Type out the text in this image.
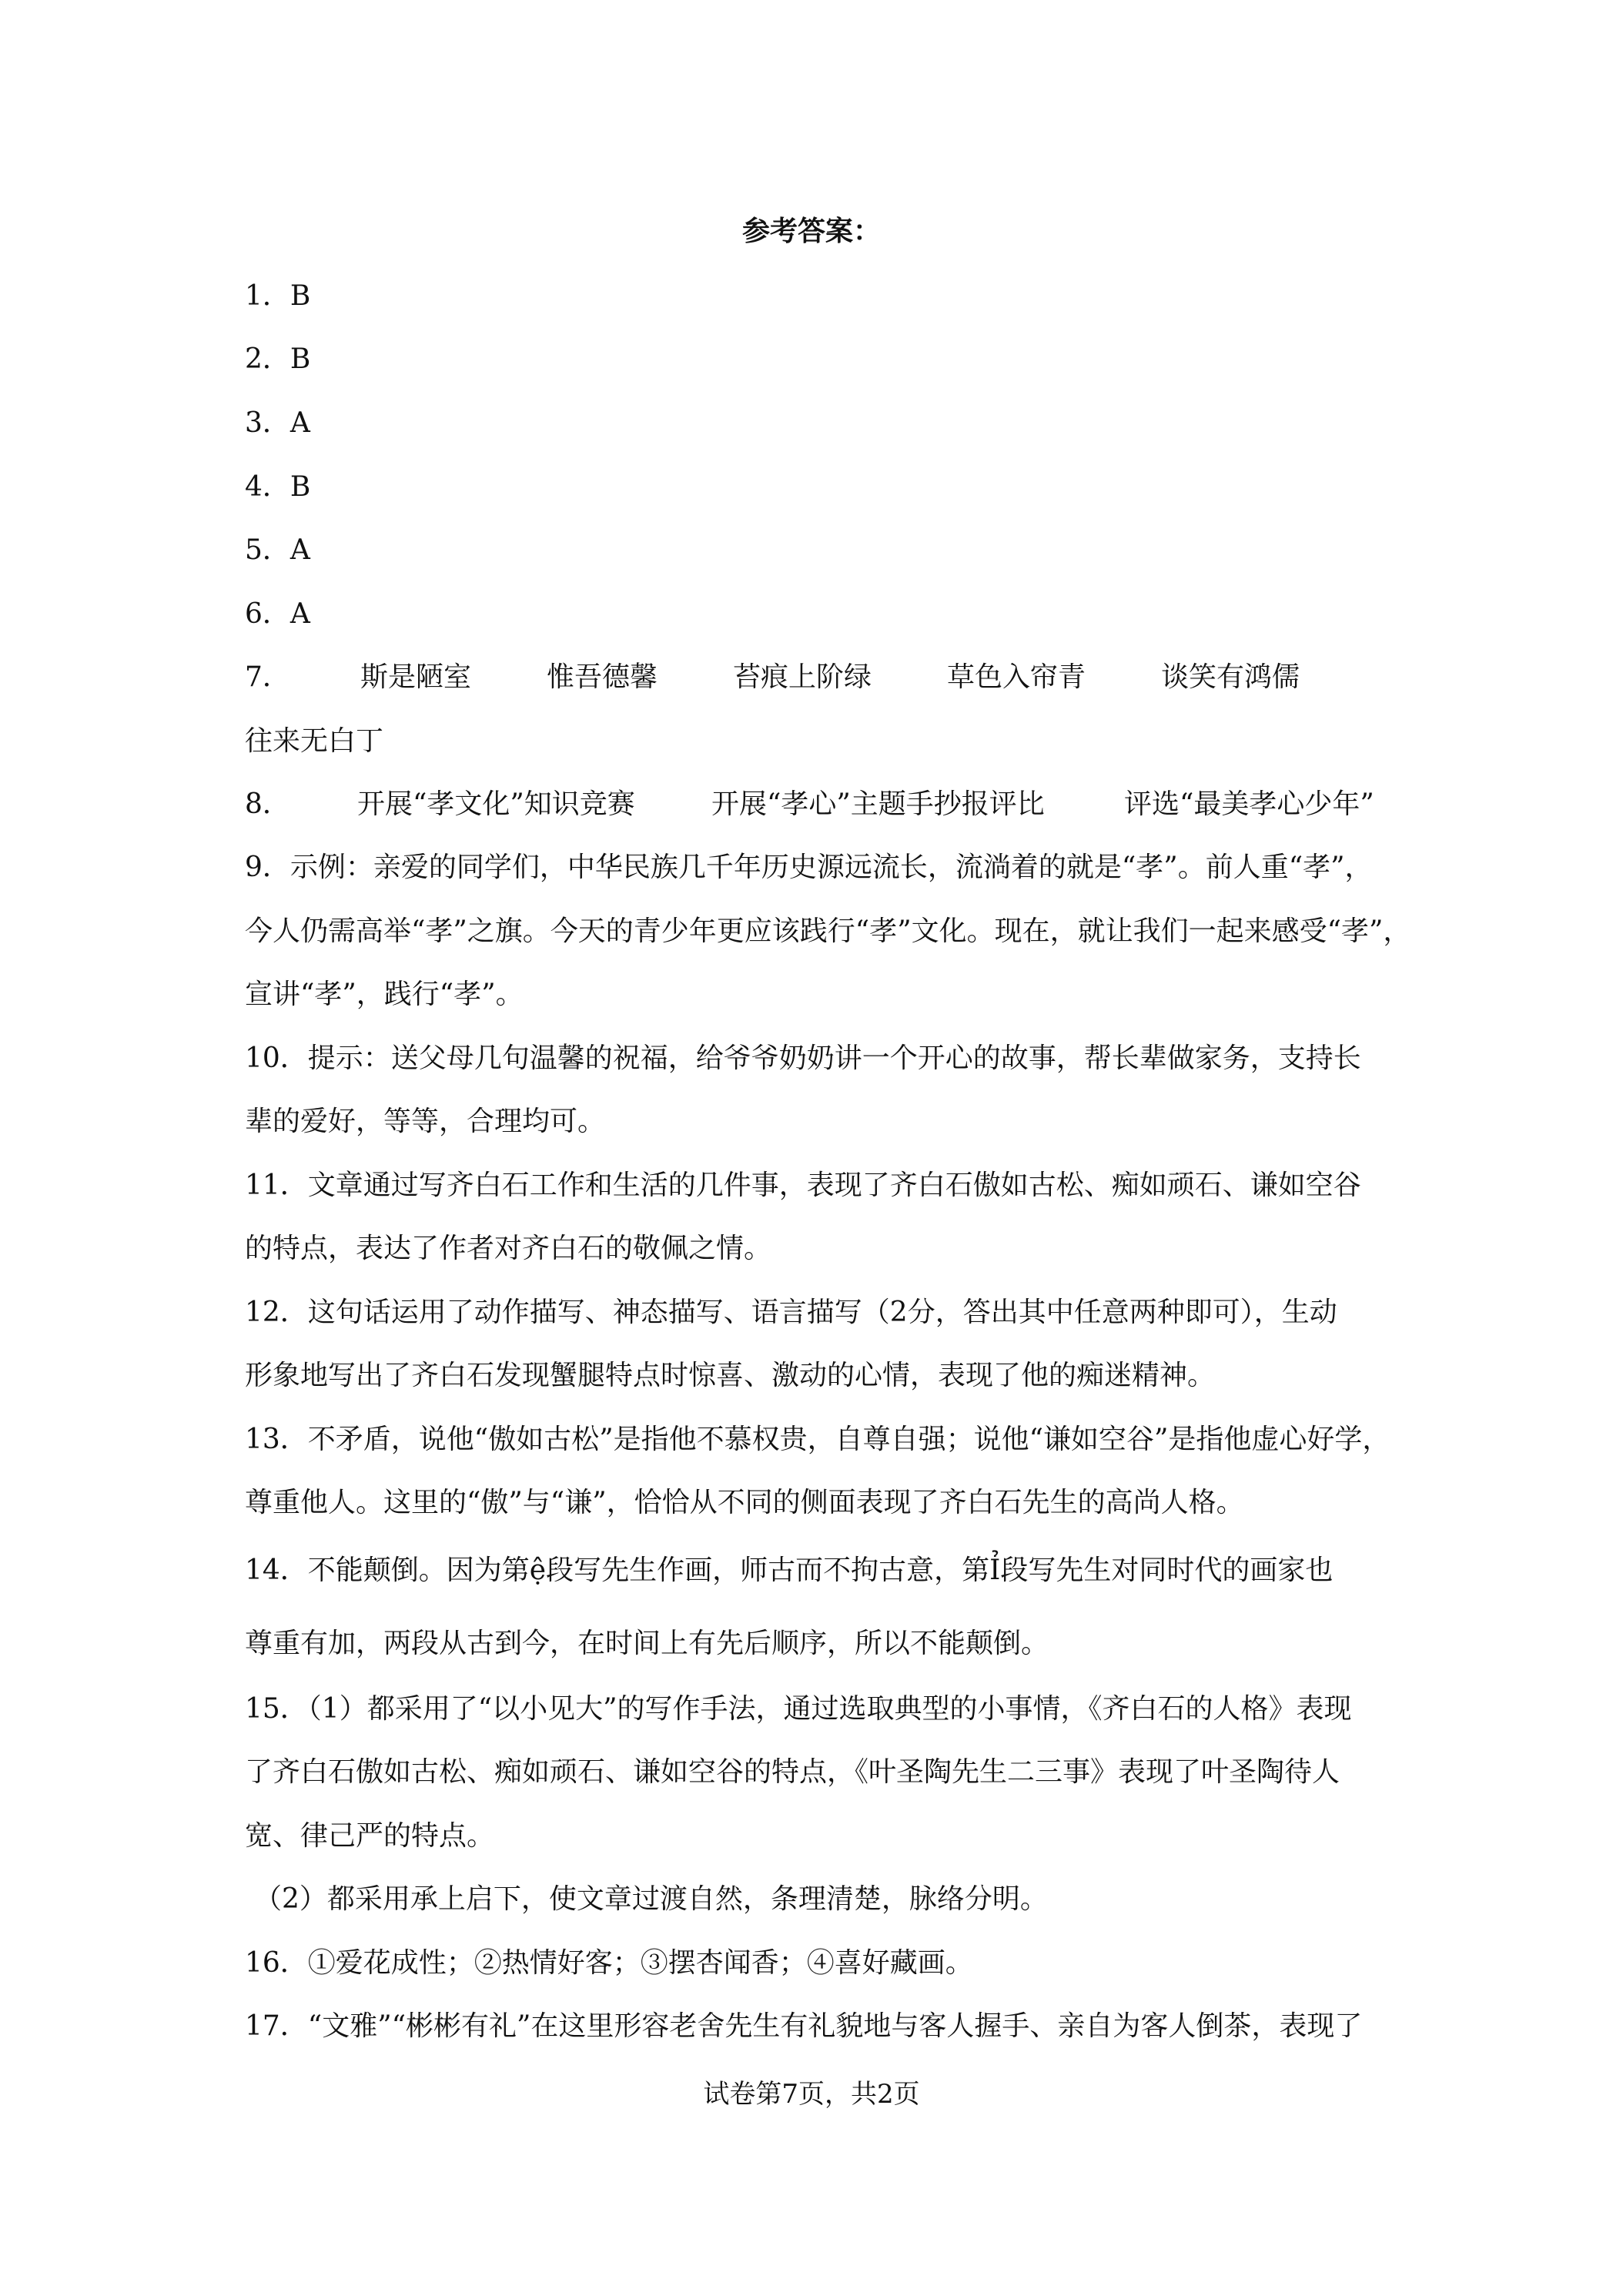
参考答案：
1．B
2．B
3．A
4．B
5．A
6．A
7．	斯是陋室	惟吾德馨	苔痕上阶绿	草色入帘青	谈笑有鸿儒
往来无白丁
8． 开展“孝文化”知识竞赛	开展“孝心”主题手抄报评比	评选“最美孝心少年”
9．示例：亲爱的同学们，中华民族几千年历史源远流长，流淌着的就是“孝”。前人重“孝”，
今人仍需高举“孝”之旗。今天的青少年更应该践行“孝”文化。现在，就让我们一起来感受“孝”，
宣讲“孝”，践行“孝”。
10．提示：送父母几句温馨的祝福，给爷爷奶奶讲一个开心的故事，帮长辈做家务，支持长
辈的爱好，等等，合理均可。
11．文章通过写齐白石工作和生活的几件事，表现了齐白石傲如古松、痴如顽石、谦如空谷
的特点，表达了作者对齐白石的敬佩之情。
12．这句话运用了动作描写、神态描写、语言描写（2分，答出其中任意两种即可），生动
形象地写出了齐白石发现蟹腿特点时惊喜、激动的心情，表现了他的痴迷精神。
13．不矛盾，说他“傲如古松”是指他不慕权贵，自尊自强；说他“谦如空谷”是指他虚心好学，
尊重他人。这里的“傲”与“谦”，恰恰从不同的侧面表现了齐白石先生的高尚人格。
14．不能颠倒。因为第ệ段写先生作画，师古而不拘古意，第Ỉ段写先生对同时代的画家也
尊重有加，两段从古到今，在时间上有先后顺序，所以不能颠倒。
15．（1）都采用了“以小见大”的写作手法，通过选取典型的小事情，《齐白石的人格》表现
了齐白石傲如古松、痴如顽石、谦如空谷的特点，《叶圣陶先生二三事》表现了叶圣陶待人
宽、律己严的特点。
（2）都采用承上启下，使文章过渡自然，条理清楚，脉络分明。
16．①爱花成性；②热情好客；③摆杏闻香；④喜好藏画。
17．“文雅”“彬彬有礼”在这里形容老舍先生有礼貌地与客人握手、亲自为客人倒茶，表现了
试卷第7页，共2页
